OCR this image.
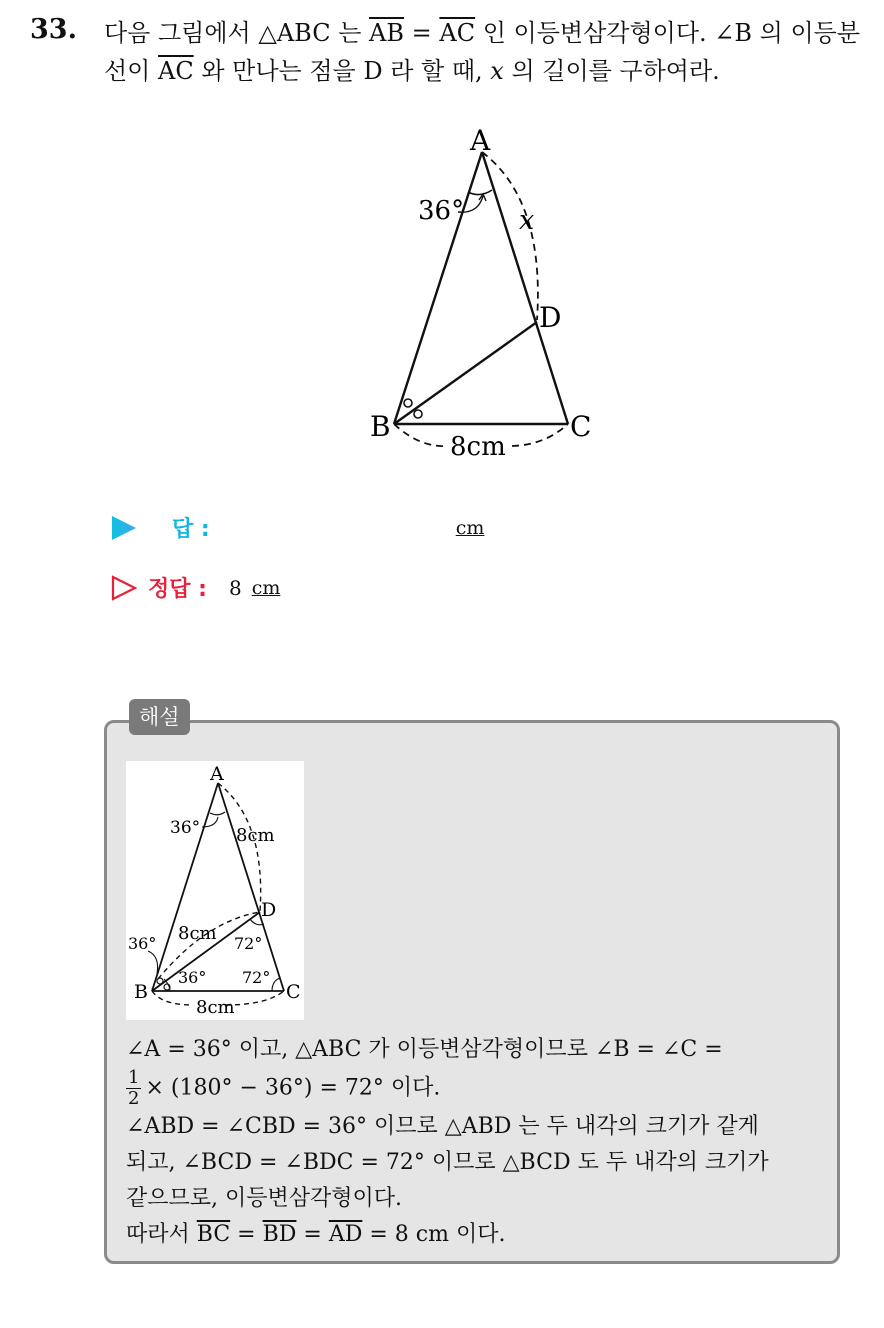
33. 다음 그림에서 △ABC 는 $\overline{AB} = \overline{AC}$ 인 이등변삼각형이다. ∠B 의 이등분선이 $\overline{AC}$ 와 만나는 점을 D 라 할 때, x 의 길이를 구하여라.
A
B	C
D
36° x
8cm
답 :	cm
정답 : 8 cm
해설
A
B	C
D
36° 8cm
8cm
36°
36°
72°
72°
8cm
∠A = 36° 이고, △ABC 가 이등변삼각형이므로 ∠B = ∠C =
$\frac{1}{2} \times (180^\circ - 36^\circ) = 72^\circ$ 이다.
∠ABD = ∠CBD = 36° 이므로 △ABD 는 두 내각의 크기가 같게
되고, ∠BCD = ∠BDC = 72° 이므로 △BCD 도 두 내각의 크기가
같으므로, 이등변삼각형이다.
따라서 $\overline{BC} = \overline{BD} = \overline{AD} = 8$ cm 이다.
